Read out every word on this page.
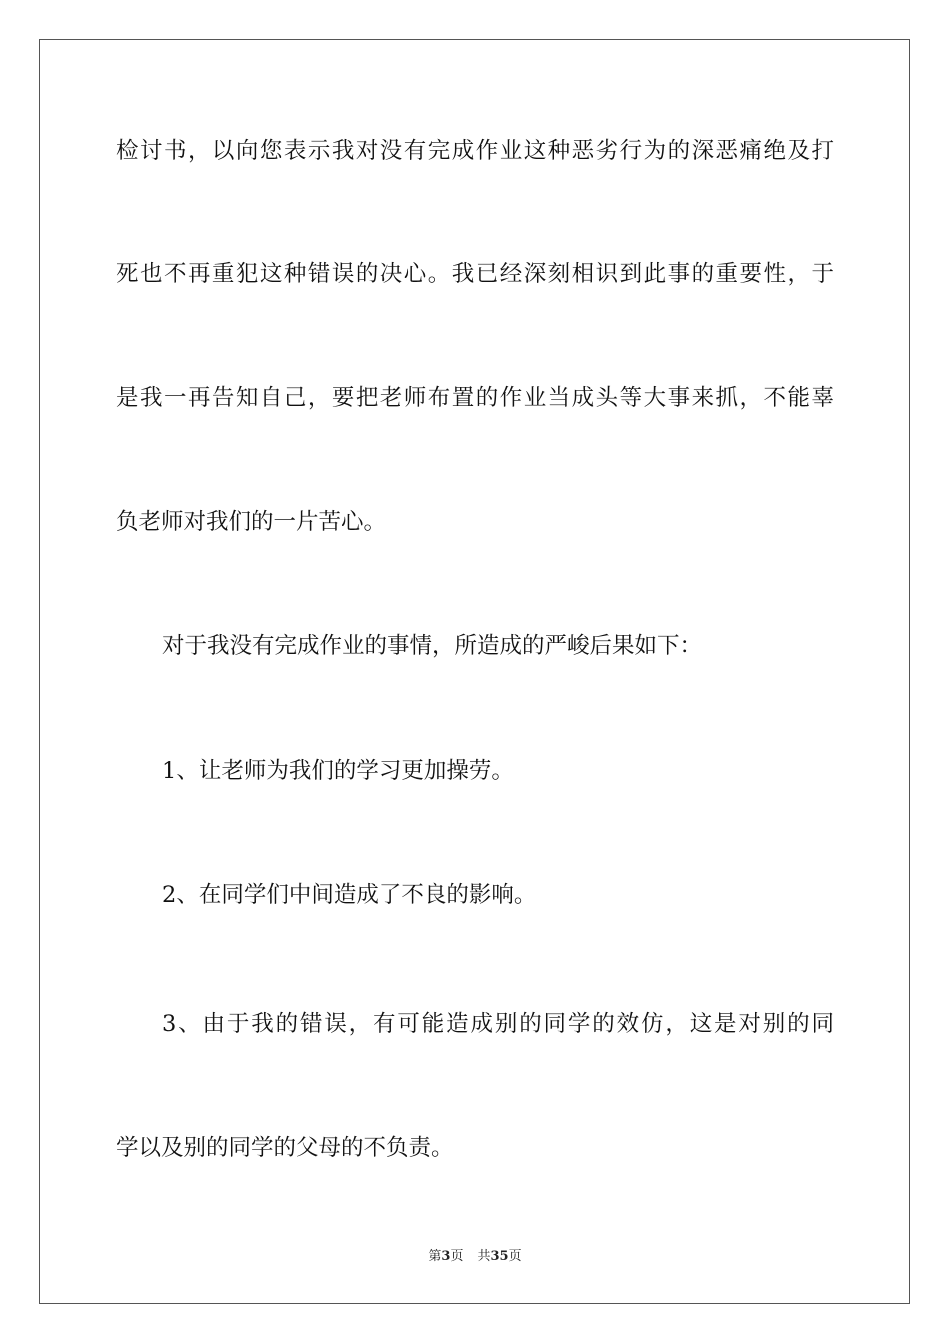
检讨书，以向您表示我对没有完成作业这种恶劣行为的深恶痛绝及打

死也不再重犯这种错误的决心。我已经深刻相识到此事的重要性，于

是我一再告知自己，要把老师布置的作业当成头等大事来抓，不能辜

负老师对我们的一片苦心。

对于我没有完成作业的事情，所造成的严峻后果如下：

1、让老师为我们的学习更加操劳。

2、在同学们中间造成了不良的影响。

3、由于我的错误，有可能造成别的同学的效仿，这是对别的同

学以及别的同学的父母的不负责。

第3页 共35页
